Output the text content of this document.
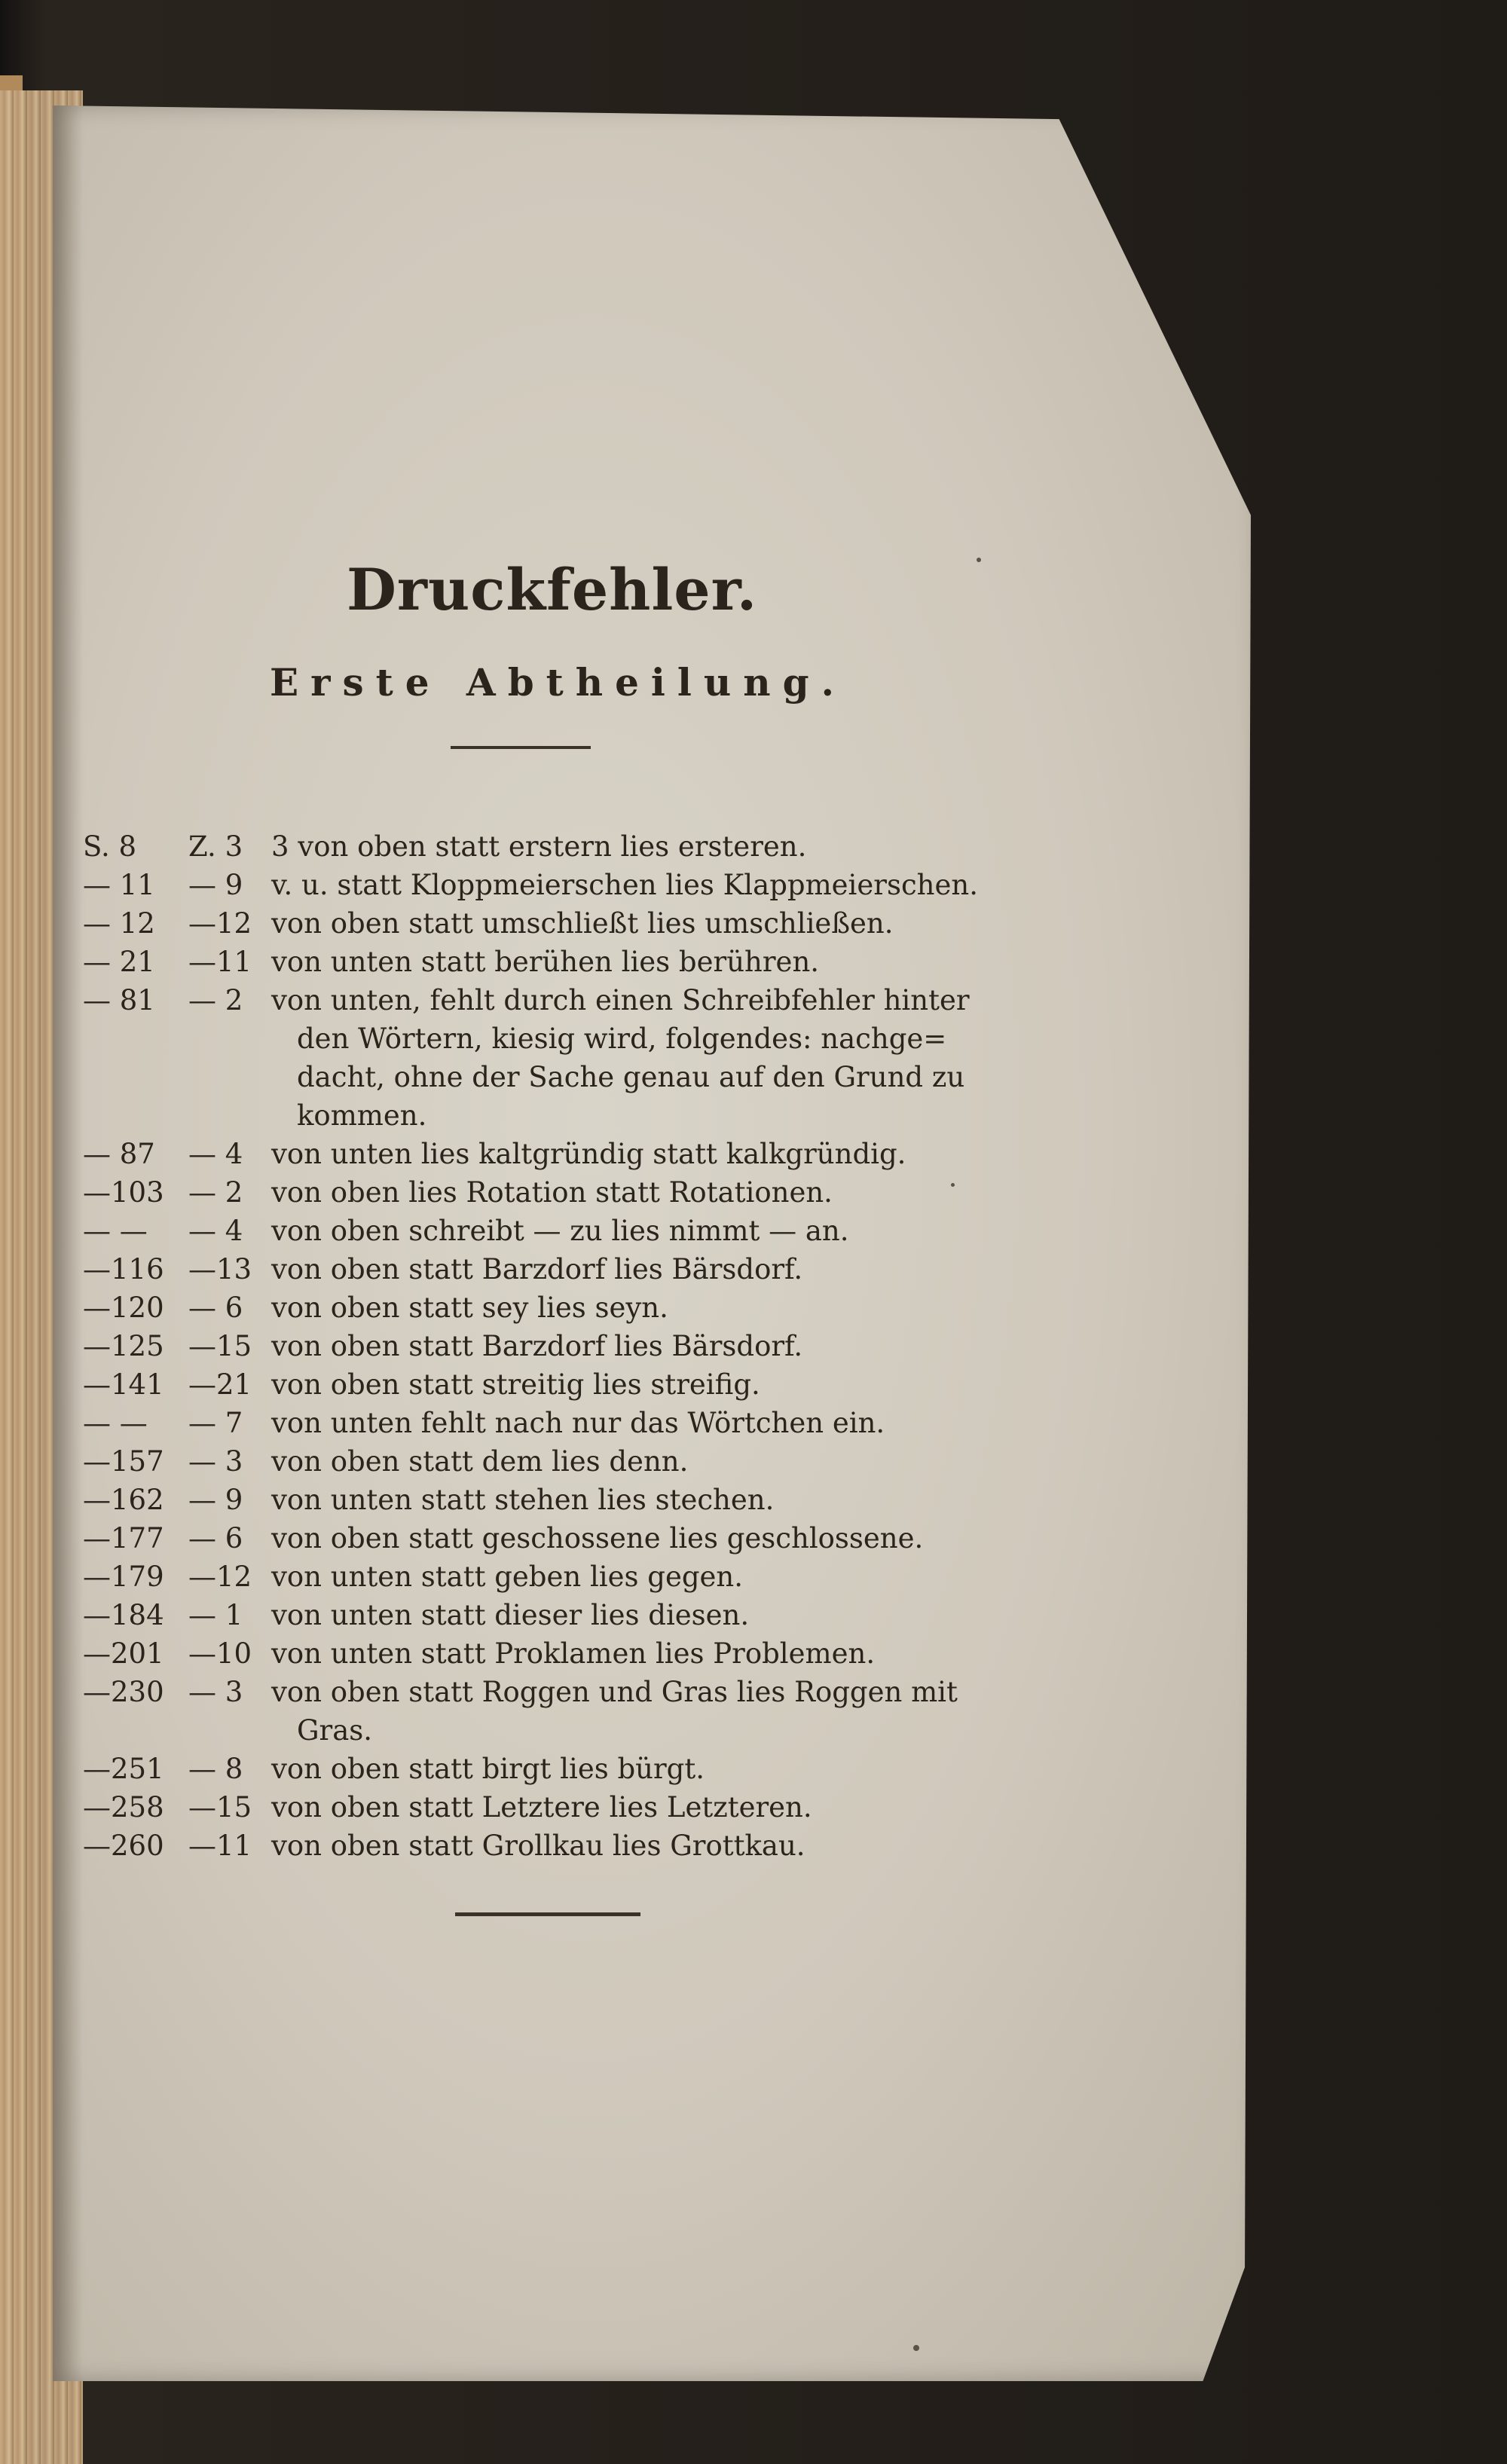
Druckfehler.
Erste Abtheilung.
S. 8	Z. 3	3 von oben statt erstern lies ersteren.
— 11	— 9	v. u. statt Kloppmeierschen lies Klappmeierschen.
— 12	—12 von oben statt umschließt lies umschließen.
— 21	—11 von unten statt berühen lies berühren.
— 81	— 2	von unten, fehlt durch einen Schreibfehler hinter
den Wörtern, kiesig wird, folgendes: nachge=
dacht, ohne der Sache genau auf den Grund zu
kommen.
— 87	— 4	von unten lies kaltgründig statt kalkgründig.
—103 — 2	von oben lies Rotation statt Rotationen.
— —	— 4	von oben schreibt — zu lies nimmt — an.
—116 —13 von oben statt Barzdorf lies Bärsdorf.
—120 — 6	von oben statt sey lies seyn.
—125 —15 von oben statt Barzdorf lies Bärsdorf.
—141 —21 von oben statt streitig lies streifig.
— —	— 7	von unten fehlt nach nur das Wörtchen ein.
—157 — 3	von oben statt dem lies denn.
—162 — 9	von unten statt stehen lies stechen.
—177 — 6	von oben statt geschossene lies geschlossene.
—179 —12 von unten statt geben lies gegen.
—184 — 1	von unten statt dieser lies diesen.
—201 —10 von unten statt Proklamen lies Problemen.
—230 — 3	von oben statt Roggen und Gras lies Roggen mit
Gras.
—251 — 8	von oben statt birgt lies bürgt.
—258 —15 von oben statt Letztere lies Letzteren.
—260 —11 von oben statt Grollkau lies Grottkau.
